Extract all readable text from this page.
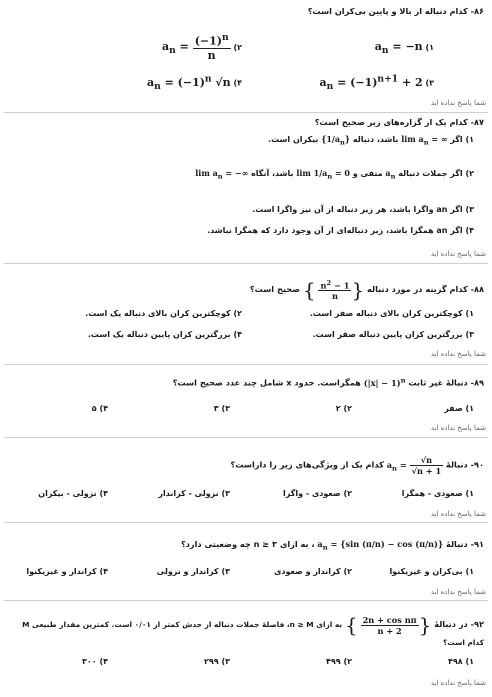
۸۶- کدام دنباله از بالا و پایین بی‌کران است؟
۱) $a_n = -n$
۲) $a_n = \frac{(-1)^n}{n}$
۳) $a_n = (-1)^{n+1} + 2$
۴) $a_n = (-1)^n$ √n
شما پاسخ نداده اید
۸۷- کدام یک از گزاره‌های زیر صحیح است؟
۱) اگر $\lim a_n$ = ∞ باشد، دنباله $\{1/a_n\}$ بیکران است.
۲) اگر جملات دنباله $a_n$ منفی و $\lim 1/a_n = 0$ باشد، آنگاه $\lim a_n$ = −∞
۳) اگر an واگرا باشد، هر زیر دنباله از آن نیز واگرا است.
۴) اگر an همگرا باشد، زیر دنباله‌ای از آن وجود دارد که همگرا نباشد.
شما پاسخ نداده اید
۸۸- کدام گزینه در مورد دنباله { $\frac{n^2 - 1}{n}$ } صحیح است؟
۱) کوچکترین کران بالای دنباله صفر است.
۲) کوچکترین کران بالای دنباله یک است.
۳) بزرگترین کران پایین دنباله صفر است.
۴) بزرگترین کران پایین دنباله یک است.
شما پاسخ نداده اید
۸۹- دنبالهٔ غیر ثابت $(|x| - 1)^n$ همگراست. حدود x شامل چند عدد صحیح است؟
۱) صفر
۲) ۲
۳) ۳
۴) ۵
شما پاسخ نداده اید
۹۰- دنبالهٔ $a_n = \frac{√n}{√n + 1}$
کدام یک از ویژگی‌های زیر را داراست؟
۱) صعودی - همگرا
۲) صعودی - واگرا
۳) نزولی - کراندار
۴) نزولی - بیکران
شما پاسخ نداده اید
۹۱- دنبالهٔ $a_n = \{\sin$ (π/n) − cos (π/n)} ، به ازای n ≥ ۳ چه وضعیتی دارد؟
۱) بی‌کران و غیریکنوا
۲) کراندار و صعودی
۳) کراندار و نزولی
۴) کراندار و غیریکنوا
شما پاسخ نداده اید
۹۲- در دنبالهٔ { $\frac{\text{2n + cos nπ}}{n + 2}$ } به ازای n ≥ M، فاصلهٔ جملات دنباله از حدش کمتر از ۰/۰۱ است. کمترین مقدار طبیعی M کدام است؟
۱) ۴۹۸
۲) ۴۹۹
۳) ۲۹۹
۴) ۳۰۰
شما پاسخ نداده اید
